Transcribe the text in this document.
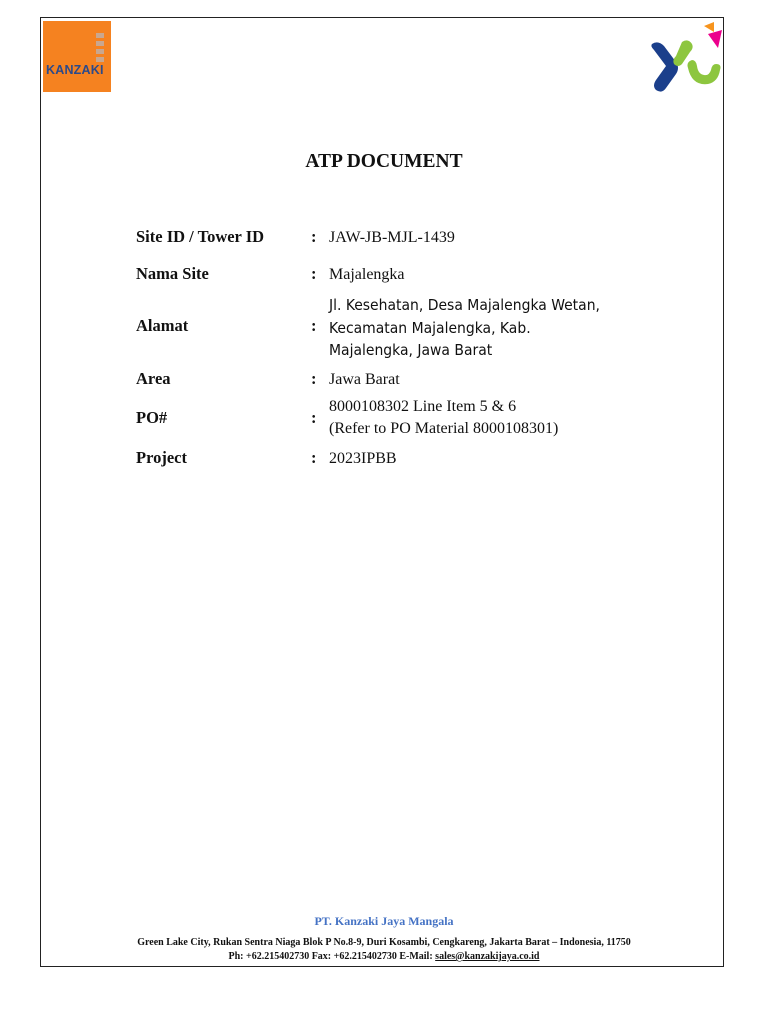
KANZAKI
ATP DOCUMENT
Site ID / Tower ID	: JAW-JB-MJL-1439
Nama Site	: Majalengka
Alamat	:
Jl. Kesehatan, Desa Majalengka Wetan,
Kecamatan Majalengka, Kab.
Majalengka, Jawa Barat
Area	: Jawa Barat
PO#	:
8000108302 Line Item 5 & 6
(Refer to PO Material 8000108301)
Project	: 2023IPBB
PT. Kanzaki Jaya Mangala
Green Lake City, Rukan Sentra Niaga Blok P No.8-9, Duri Kosambi, Cengkareng, Jakarta Barat – Indonesia, 11750
Ph: +62.215402730 Fax: +62.215402730 E-Mail: sales@kanzakijaya.co.id
